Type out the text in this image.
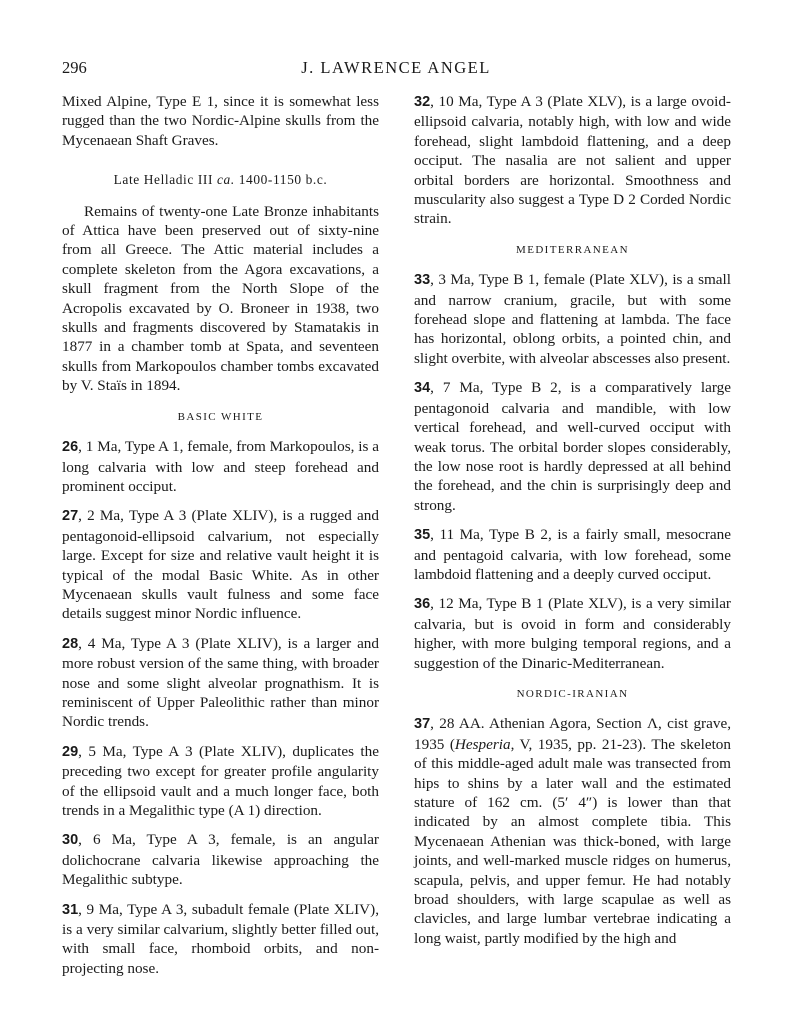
296	J. LAWRENCE ANGEL

Mixed Alpine, Type E 1, since it is somewhat less rugged than the two Nordic-Alpine skulls from the Mycenaean Shaft Graves.

Late Helladic III ca. 1400-1150 b.c.

Remains of twenty-one Late Bronze inhabitants of Attica have been preserved out of sixty-nine from all Greece. The Attic material includes a complete skeleton from the Agora excavations, a skull fragment from the North Slope of the Acropolis excavated by O. Broneer in 1938, two skulls and fragments discovered by Stamatakis in 1877 in a chamber tomb at Spata, and seventeen skulls from Markopoulos chamber tombs excavated by V. Staïs in 1894.

BASIC WHITE

26, 1 Ma, Type A 1, female, from Markopoulos, is a long calvaria with low and steep forehead and prominent occiput.

27, 2 Ma, Type A 3 (Plate XLIV), is a rugged and pentagonoid-ellipsoid calvarium, not especially large. Except for size and relative vault height it is typical of the modal Basic White. As in other Mycenaean skulls vault fulness and some face details suggest minor Nordic influence.

28, 4 Ma, Type A 3 (Plate XLIV), is a larger and more robust version of the same thing, with broader nose and some slight alveolar prognathism. It is reminiscent of Upper Paleolithic rather than minor Nordic trends.

29, 5 Ma, Type A 3 (Plate XLIV), duplicates the preceding two except for greater profile angularity of the ellipsoid vault and a much longer face, both trends in a Megalithic type (A 1) direction.

30, 6 Ma, Type A 3, female, is an angular dolichocrane calvaria likewise approaching the Megalithic subtype.

31, 9 Ma, Type A 3, subadult female (Plate XLIV), is a very similar calvarium, slightly better filled out, with small face, rhomboid orbits, and non-projecting nose.

32, 10 Ma, Type A 3 (Plate XLV), is a large ovoid-ellipsoid calvaria, notably high, with low and wide forehead, slight lambdoid flattening, and a deep occiput. The nasalia are not salient and upper orbital borders are horizontal. Smoothness and muscularity also suggest a Type D 2 Corded Nordic strain.

MEDITERRANEAN

33, 3 Ma, Type B 1, female (Plate XLV), is a small and narrow cranium, gracile, but with some forehead slope and flattening at lambda. The face has horizontal, oblong orbits, a pointed chin, and slight overbite, with alveolar abscesses also present.

34, 7 Ma, Type B 2, is a comparatively large pentagonoid calvaria and mandible, with low vertical forehead, and well-curved occiput with weak torus. The orbital border slopes considerably, the low nose root is hardly depressed at all behind the forehead, and the chin is surprisingly deep and strong.

35, 11 Ma, Type B 2, is a fairly small, mesocrane and pentagoid calvaria, with low forehead, some lambdoid flattening and a deeply curved occiput.

36, 12 Ma, Type B 1 (Plate XLV), is a very similar calvaria, but is ovoid in form and considerably higher, with more bulging temporal regions, and a suggestion of the Dinaric-Mediterranean.

NORDIC-IRANIAN

37, 28 AA. Athenian Agora, Section Λ, cist grave, 1935 (Hesperia, V, 1935, pp. 21-23). The skeleton of this middle-aged adult male was transected from hips to shins by a later wall and the estimated stature of 162 cm. (5′ 4″) is lower than that indicated by an almost complete tibia. This Mycenaean Athenian was thick-boned, with large joints, and well-marked muscle ridges on humerus, scapula, pelvis, and upper femur. He had notably broad shoulders, with large scapulae as well as clavicles, and large lumbar vertebrae indicating a long waist, partly modified by the high and
